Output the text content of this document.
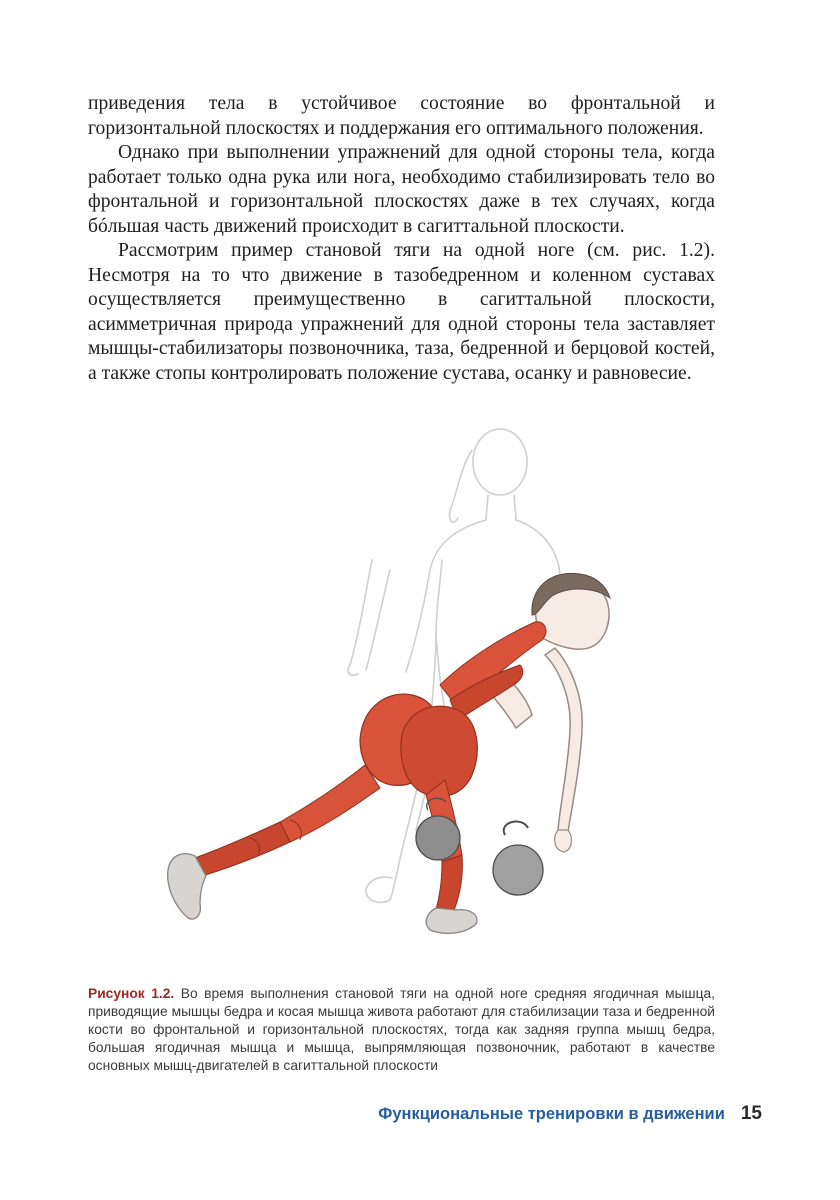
приведения тела в устойчивое состояние во фронтальной и горизонтальной плоскостях и поддержания его оптимального положения.

Однако при выполнении упражнений для одной стороны тела, когда работает только одна рука или нога, необходимо стабилизировать тело во фронтальной и горизонтальной плоскостях даже в тех случаях, когда бóльшая часть движений происходит в сагиттальной плоскости.

Рассмотрим пример становой тяги на одной ноге (см. рис. 1.2). Несмотря на то что движение в тазобедренном и коленном суставах осуществляется преимущественно в сагиттальной плоскости, асимметричная природа упражнений для одной стороны тела заставляет мышцы-стабилизаторы позвоночника, таза, бедренной и берцовой костей, а также стопы контролировать положение сустава, осанку и равновесие.

Рисунок 1.2. Во время выполнения становой тяги на одной ноге средняя ягодичная мышца, приводящие мышцы бедра и косая мышца живота работают для стабилизации таза и бедренной кости во фронтальной и горизонтальной плоскостях, тогда как задняя группа мышц бедра, большая ягодичная мышца и мышца, выпрямляющая позвоночник, работают в качестве основных мышц-двигателей в сагиттальной плоскости

Функциональные тренировки в движении 15
